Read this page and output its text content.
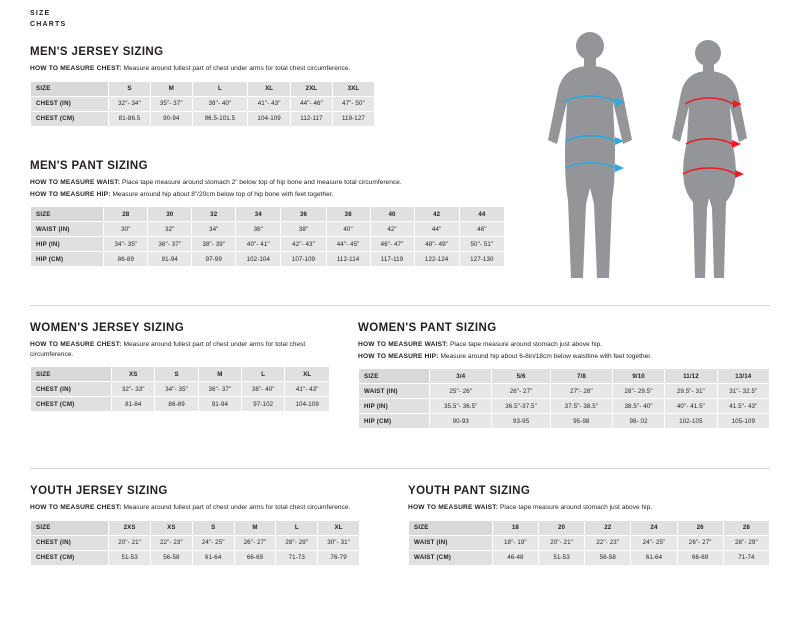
SIZE
CHARTS
MEN'S JERSEY SIZING
HOW TO MEASURE CHEST: Measure around fullest part of chest under arms for total chest circumference.
SIZE	S	M	L	XL	2XL	3XL
CHEST (IN)	32"- 34"	35"- 37"	38"- 40"	41"- 43"	44"- 46"	47"- 50"
CHEST (CM)	81-86.5	90-94	96.5-101.5	104-109	112-117	119-127
MEN'S PANT SIZING
HOW TO MEASURE WAIST: Place tape measure around stomach 2” below top of hip bone and measure total circumference.
HOW TO MEASURE HIP: Measure around hip about 8”/20cm below top of hip bone with feet together.
SIZE	28	30	32	34	36	38	40	42	44
WAIST (IN)	30"	32"	34"	36"	38"	40"	42"	44"	46"
HIP (IN)	34"- 35"	36"- 37"	38"- 39"	40"- 41"	42"- 43"	44"- 45"	46"- 47"	48"- 49"	50"- 51"
HIP (CM)	86-89	91-94	97-99	102-104	107-109	112-114	117-119	122-124	127-130
WOMEN'S JERSEY SIZING
HOW TO MEASURE CHEST: Measure around fullest part of chest under arms for total chest circumference.
SIZE	XS	S	M	L	XL
CHEST (IN)	32"- 33"	34"- 35"	36"- 37"	38"- 40"	41"- 43"
CHEST (CM)	81-84	86-89	91-94	97-102	104-109
WOMEN'S PANT SIZING
HOW TO MEASURE WAIST: Place tape measure around stomach just above hip.
HOW TO MEASURE HIP: Measure around hip about 6-8in/18cm below waistline with feet together.
SIZE	3/4	5/6	7/8	9/10	11/12	13/14
WAIST (IN)	25"- 26"	26"- 27"	27"- 28"	28"- 29.5"	29.5"- 31"	31"- 32.5"
HIP (IN)	35.5"- 36.5"	36.5"-37.5"	37.5"- 38.5"	38.5"- 40"	40"- 41.5"	41.5"- 43"
HIP (CM)	90-93	93-95	95-98	98- 02	102-105	105-109
YOUTH JERSEY SIZING
HOW TO MEASURE CHEST: Measure around fullest part of chest under arms for total chest circumference.
SIZE	2XS	XS	S	M	L	XL
CHEST (IN)	20"- 21"	22"- 23"	24"- 25"	26"- 27"	28"- 29"	30"- 31"
CHEST (CM)	51-53	56-58	61-64	66-69	71-73	76-79
YOUTH PANT SIZING
HOW TO MEASURE WAIST: Place tape measure around stomach just above hip.
SIZE	18	20	22	24	26	28
WAIST (IN)	18"- 19"	20"- 21"	22"- 23"	24"- 25"	26"- 27"	28"- 29"
WAIST (CM)	46-48	51-53	56-58	61-64	66-69	71-74
